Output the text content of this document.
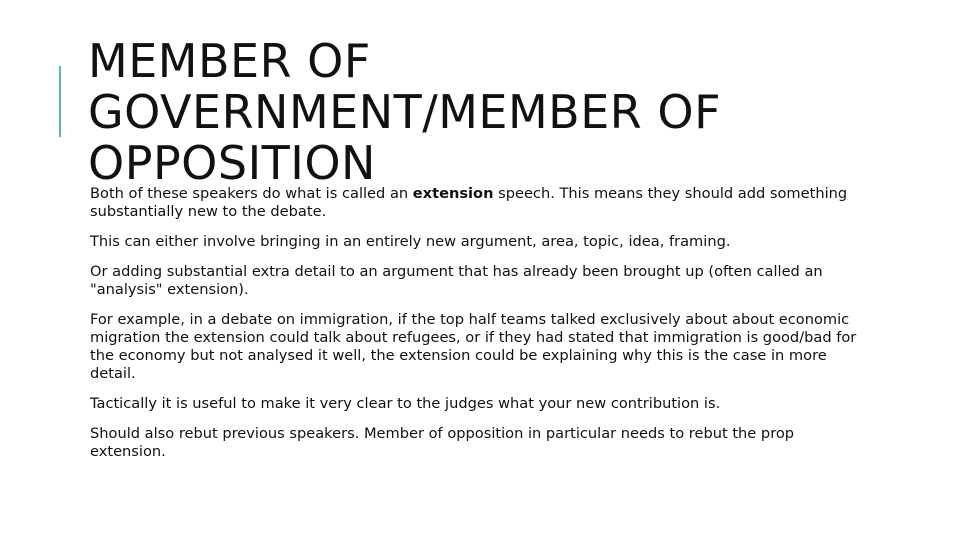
MEMBER OF
GOVERNMENT/MEMBER OF
OPPOSITION

Both of these speakers do what is called an extension speech. This means they should add something substantially new to the debate.

This can either involve bringing in an entirely new argument, area, topic, idea, framing.

Or adding substantial extra detail to an argument that has already been brought up (often called an "analysis" extension).

For example, in a debate on immigration, if the top half teams talked exclusively about about economic migration the extension could talk about refugees, or if they had stated that immigration is good/bad for the economy but not analysed it well, the extension could be explaining why this is the case in more detail.

Tactically it is useful to make it very clear to the judges what your new contribution is.

Should also rebut previous speakers. Member of opposition in particular needs to rebut the prop extension.
